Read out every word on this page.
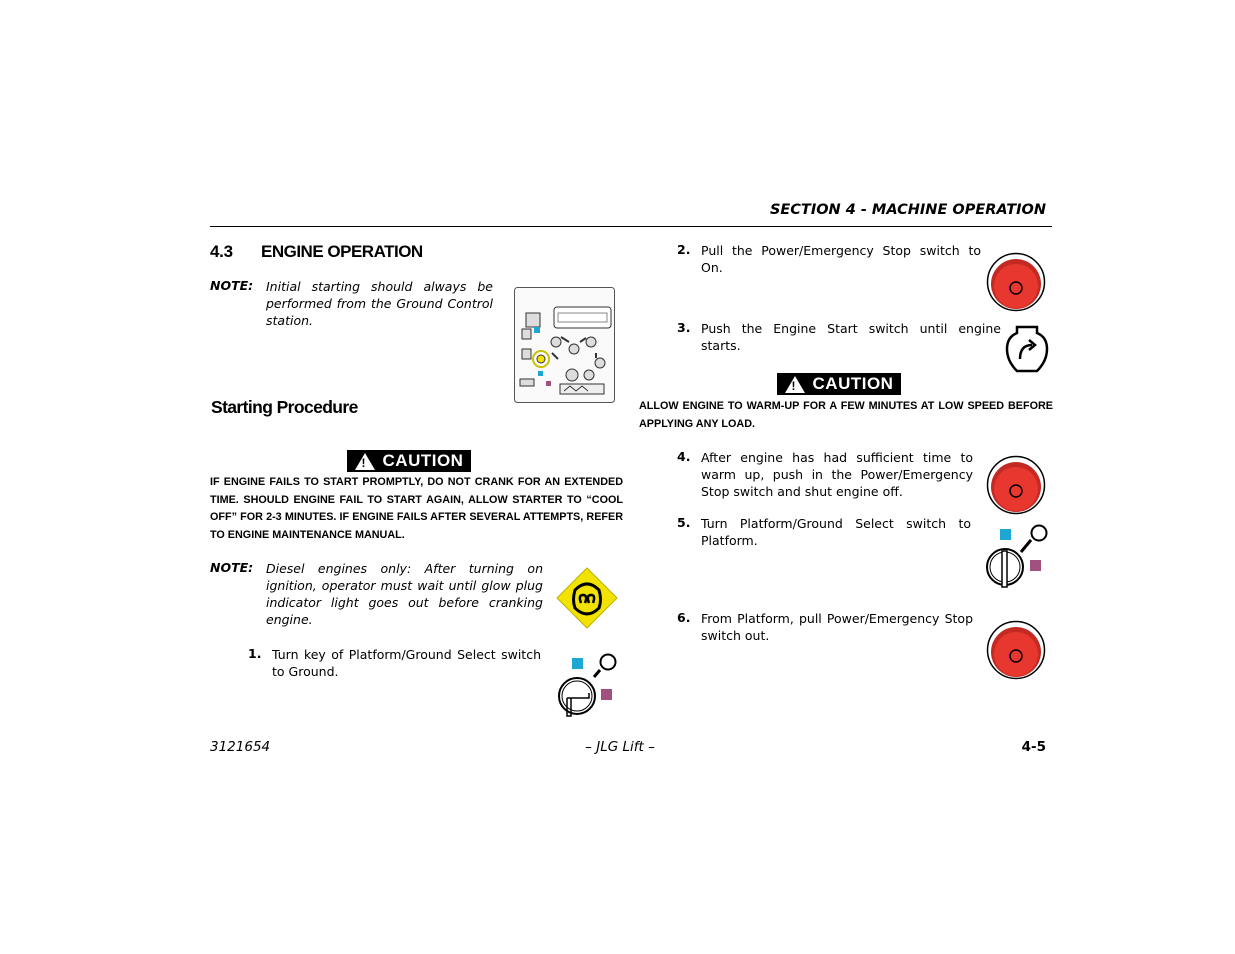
SECTION 4 - MACHINE OPERATION
4.3 ENGINE OPERATION
NOTE: Initial starting should always be performed from the Ground Control station.
Starting Procedure
! CAUTION
IF ENGINE FAILS TO START PROMPTLY, DO NOT CRANK FOR AN EXTENDED TIME. SHOULD ENGINE FAIL TO START AGAIN, ALLOW STARTER TO “COOL OFF” FOR 2-3 MINUTES. IF ENGINE FAILS AFTER SEVERAL ATTEMPTS, REFER TO ENGINE MAINTENANCE MANUAL.
NOTE: Diesel engines only: After turning on ignition, operator must wait until glow plug indicator light goes out before cranking engine.
1. Turn key of Platform/Ground Select switch to Ground.
2. Pull the Power/Emergency Stop switch to On.
3. Push the Engine Start switch until engine starts.
! CAUTION
ALLOW ENGINE TO WARM-UP FOR A FEW MINUTES AT LOW SPEED BEFORE APPLYING ANY LOAD.
4. After engine has had sufficient time to warm up, push in the Power/Emergency Stop switch and shut engine off.
5. Turn Platform/Ground Select switch to Platform.
6. From Platform, pull Power/Emergency Stop switch out.
3121654	– JLG Lift –	4-5
